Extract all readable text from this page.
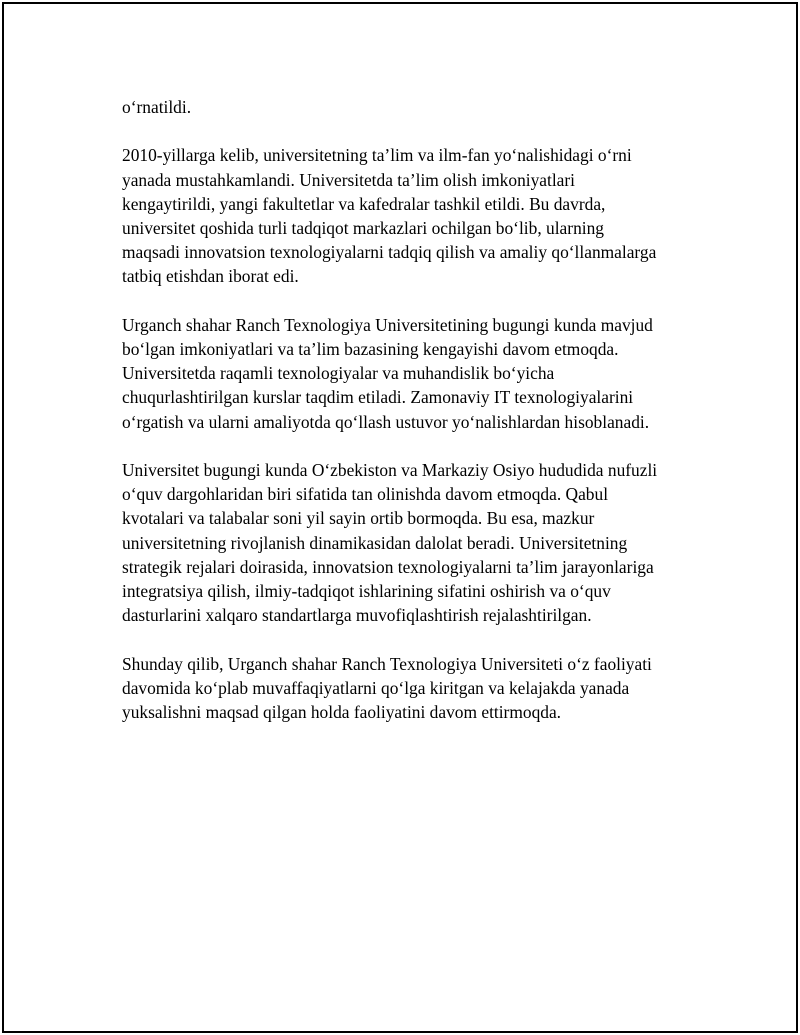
o‘rnatildi.

2010-yillarga kelib, universitetning ta’lim va ilm-fan yo‘nalishidagi o‘rni
yanada mustahkamlandi. Universitetda ta’lim olish imkoniyatlari
kengaytirildi, yangi fakultetlar va kafedralar tashkil etildi. Bu davrda,
universitet qoshida turli tadqiqot markazlari ochilgan bo‘lib, ularning
maqsadi innovatsion texnologiyalarni tadqiq qilish va amaliy qo‘llanmalarga
tatbiq etishdan iborat edi.

Urganch shahar Ranch Texnologiya Universitetining bugungi kunda mavjud
bo‘lgan imkoniyatlari va ta’lim bazasining kengayishi davom etmoqda.
Universitetda raqamli texnologiyalar va muhandislik bo‘yicha
chuqurlashtirilgan kurslar taqdim etiladi. Zamonaviy IT texnologiyalarini
o‘rgatish va ularni amaliyotda qo‘llash ustuvor yo‘nalishlardan hisoblanadi.

Universitet bugungi kunda O‘zbekiston va Markaziy Osiyo hududida nufuzli
o‘quv dargohlaridan biri sifatida tan olinishda davom etmoqda. Qabul
kvotalari va talabalar soni yil sayin ortib bormoqda. Bu esa, mazkur
universitetning rivojlanish dinamikasidan dalolat beradi. Universitetning
strategik rejalari doirasida, innovatsion texnologiyalarni ta’lim jarayonlariga
integratsiya qilish, ilmiy-tadqiqot ishlarining sifatini oshirish va o‘quv
dasturlarini xalqaro standartlarga muvofiqlashtirish rejalashtirilgan.

Shunday qilib, Urganch shahar Ranch Texnologiya Universiteti o‘z faoliyati
davomida ko‘plab muvaffaqiyatlarni qo‘lga kiritgan va kelajakda yanada
yuksalishni maqsad qilgan holda faoliyatini davom ettirmoqda.
